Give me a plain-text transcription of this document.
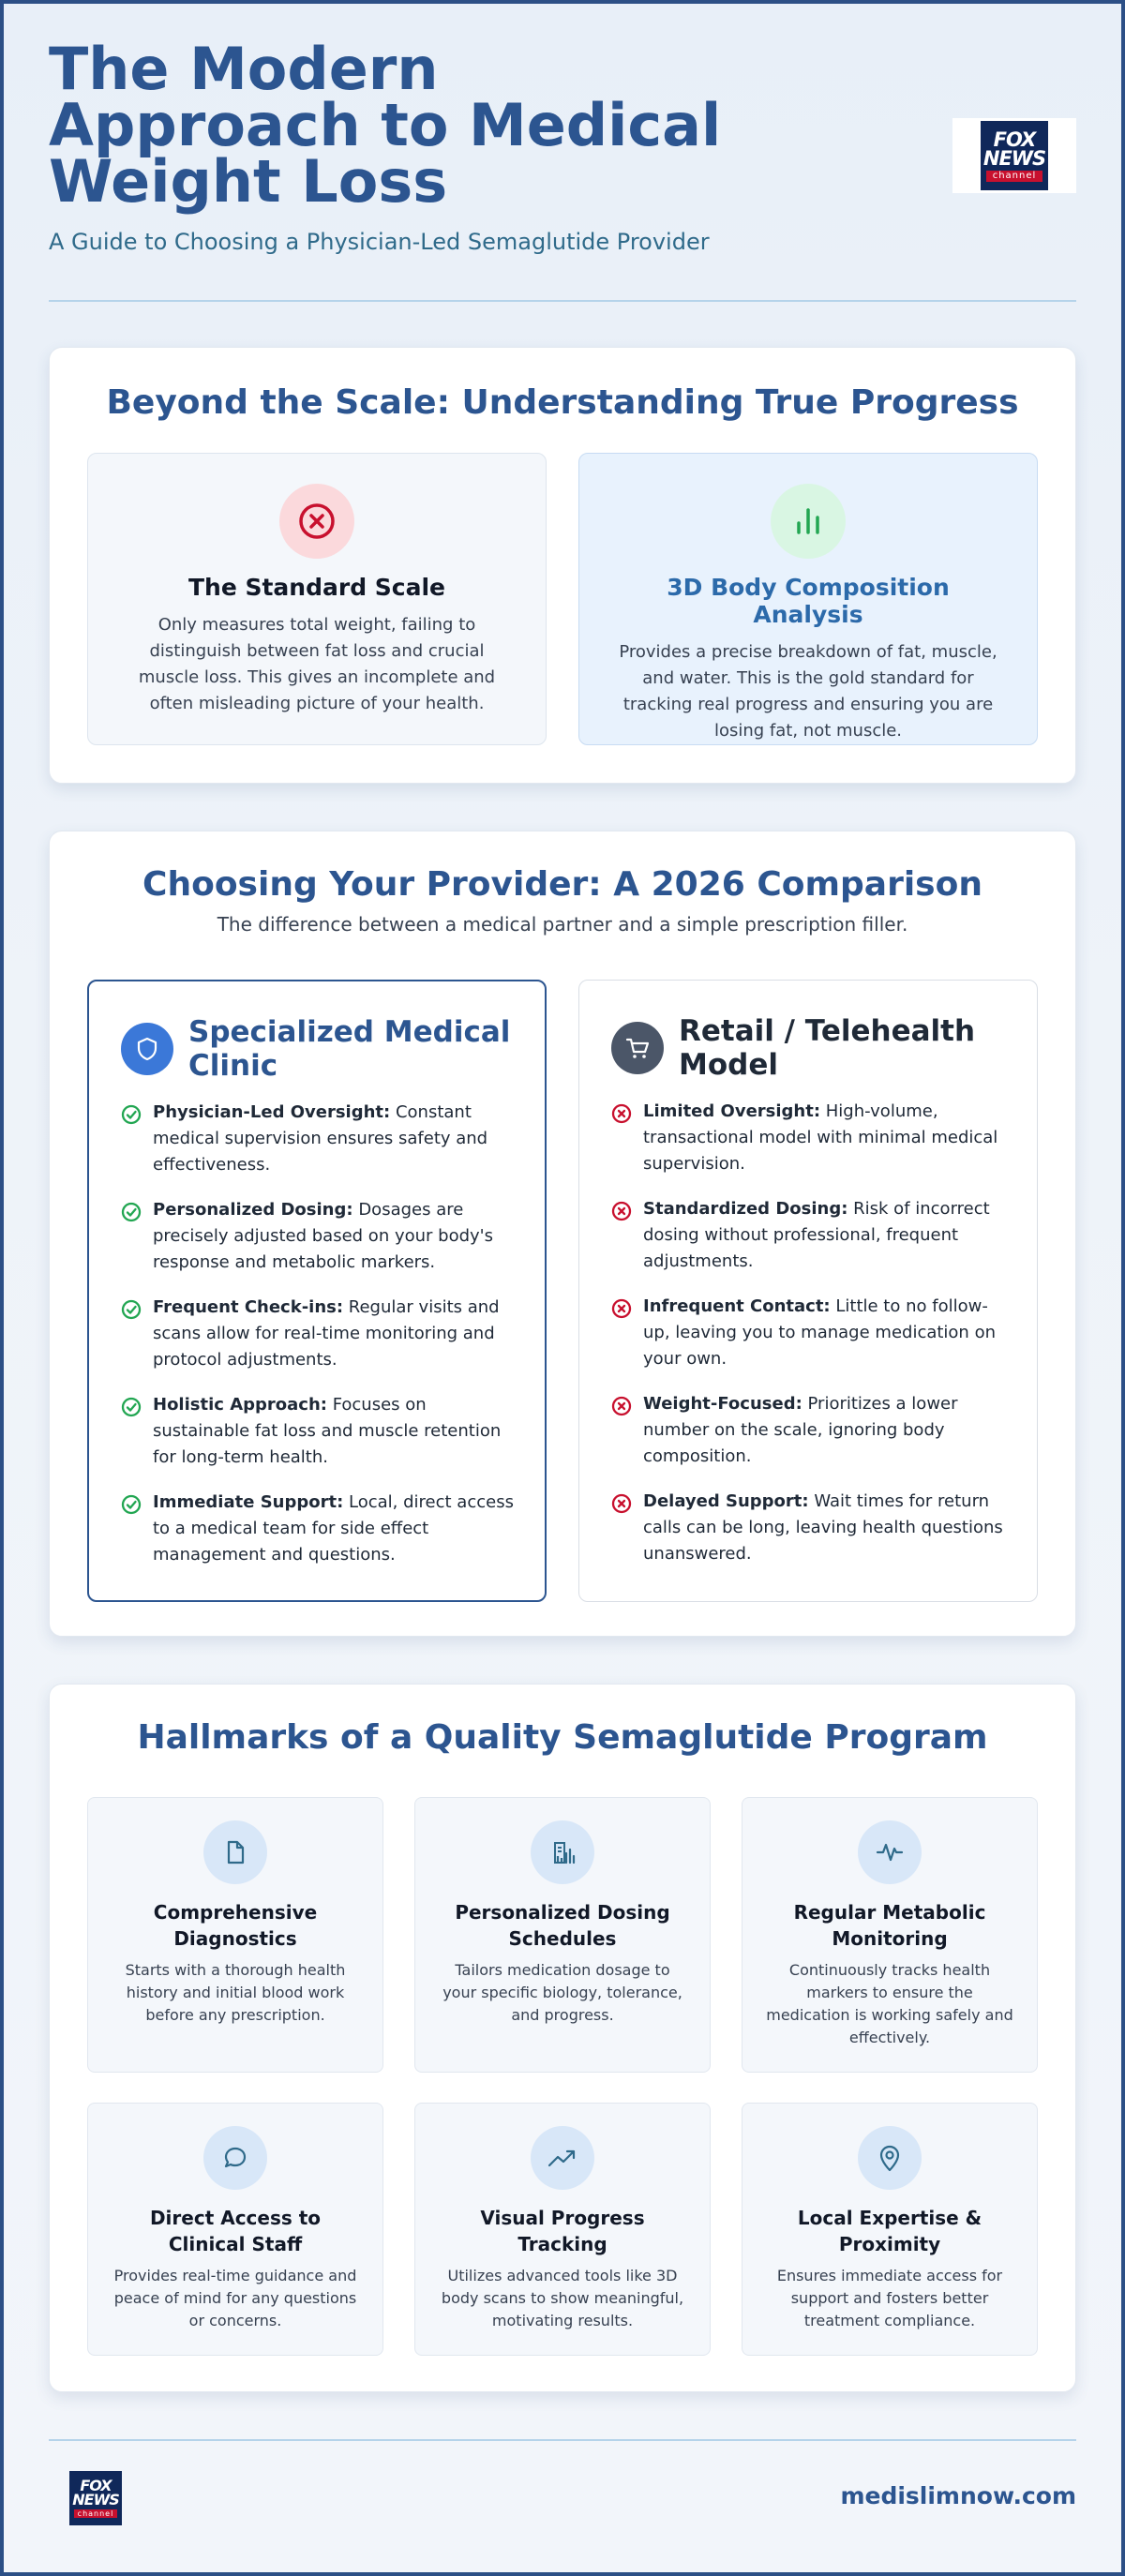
The Modern Approach to Medical Weight Loss
A Guide to Choosing a Physician-Led Semaglutide Provider
FOX
NEWS
channel
Beyond the Scale: Understanding True Progress
The Standard Scale

Only measures total weight, failing to distinguish between fat loss and crucial muscle loss. This gives an incomplete and often misleading picture of your health.

3D Body Composition Analysis

Provides a precise breakdown of fat, muscle, and water. This is the gold standard for tracking real progress and ensuring you are losing fat, not muscle.

Choosing Your Provider: A 2026 Comparison
The difference between a medical partner and a simple prescription filler.
Specialized Medical Clinic
Physician-Led Oversight: Constant medical supervision ensures safety and effectiveness.
Personalized Dosing: Dosages are precisely adjusted based on your body's response and metabolic markers.
Frequent Check-ins: Regular visits and scans allow for real-time monitoring and protocol adjustments.
Holistic Approach: Focuses on sustainable fat loss and muscle retention for long-term health.
Immediate Support: Local, direct access to a medical team for side effect management and questions.
Retail / Telehealth Model
Limited Oversight: High-volume, transactional model with minimal medical supervision.
Standardized Dosing: Risk of incorrect dosing without professional, frequent adjustments.
Infrequent Contact: Little to no follow-up, leaving you to manage medication on your own.
Weight-Focused: Prioritizes a lower number on the scale, ignoring body composition.
Delayed Support: Wait times for return calls can be long, leaving health questions unanswered.
Hallmarks of a Quality Semaglutide Program
Comprehensive Diagnostics

Starts with a thorough health history and initial blood work before any prescription.

Personalized Dosing Schedules

Tailors medication dosage to your specific biology, tolerance, and progress.

Regular Metabolic Monitoring

Continuously tracks health markers to ensure the medication is working safely and effectively.

Direct Access to Clinical Staff

Provides real-time guidance and peace of mind for any questions or concerns.

Visual Progress Tracking

Utilizes advanced tools like 3D body scans to show meaningful, motivating results.

Local Expertise & Proximity

Ensures immediate access for support and fosters better treatment compliance.

FOX
NEWS
channel
medislimnow.com
